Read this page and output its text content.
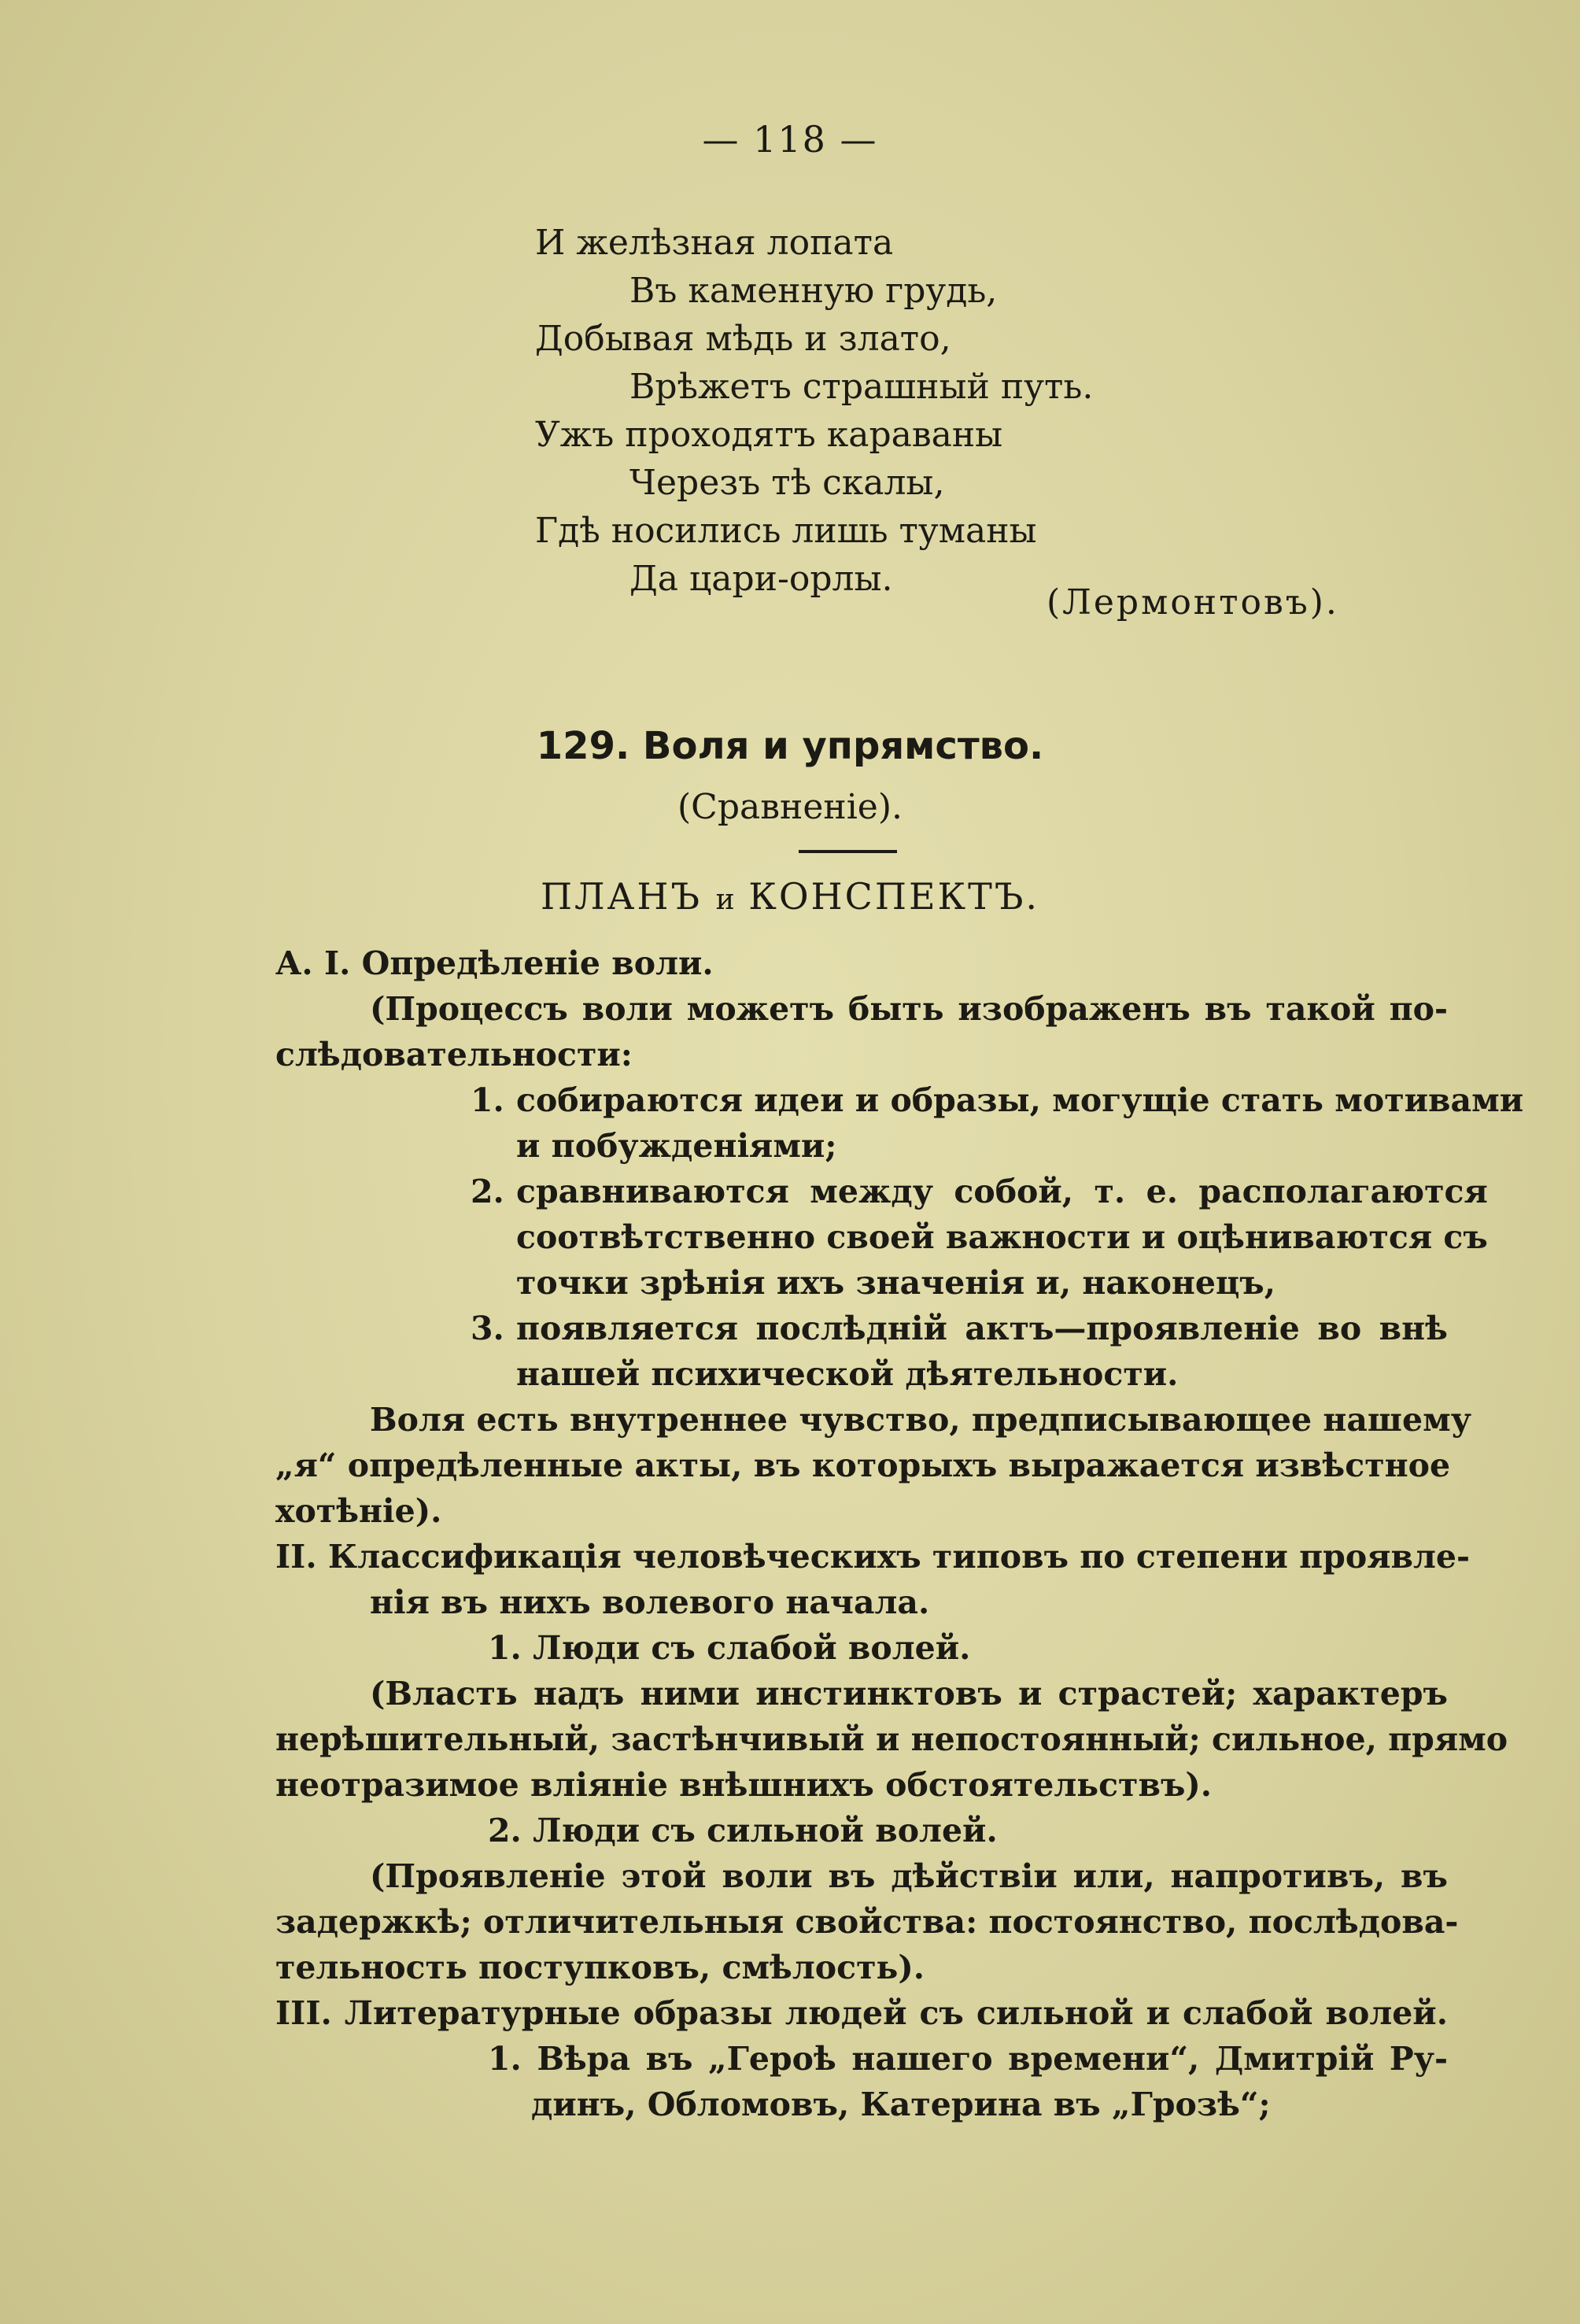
— 118 —
И желѣзная лопата
Въ каменную грудь,
Добывая мѣдь и злато,
Врѣжетъ страшный путь.
Ужъ проходятъ караваны
Черезъ тѣ скалы,
Гдѣ носились лишь туманы
Да цари-орлы.
(Лермонтовъ).
129. Воля и упрямство.
(Сравненіе).
ПЛАНЪ и КОНСПЕКТЪ.
А. І. Опредѣленіе воли.
(Процессъ воли можетъ быть изображенъ въ такой по-
слѣдовательности:
1. собираются идеи и образы, могущіе стать мотивами
и побужденіями;
2. сравниваются между собой, т. е. располагаются
соотвѣтственно своей важности и оцѣниваются съ
точки зрѣнія ихъ значенія и, наконецъ,
3. появляется послѣдній актъ—проявленіе во внѣ
нашей психической дѣятельности.
Воля есть внутреннее чувство, предписывающее нашему
„я“ опредѣленные акты, въ которыхъ выражается извѣстное
хотѣніе).
II. Классификація человѣческихъ типовъ по степени проявле-
нія въ нихъ волевого начала.
1. Люди съ слабой волей.
(Власть надъ ними инстинктовъ и страстей; характеръ
нерѣшительный, застѣнчивый и непостоянный; сильное, прямо
неотразимое вліяніе внѣшнихъ обстоятельствъ).
2. Люди съ сильной волей.
(Проявленіе этой воли въ дѣйствіи или, напротивъ, въ
задержкѣ; отличительныя свойства: постоянство, послѣдова-
тельность поступковъ, смѣлость).
III. Литературные образы людей съ сильной и слабой волей.
1. Вѣра въ „Героѣ нашего времени“, Дмитрій Ру-
динъ, Обломовъ, Катерина въ „Грозѣ“;
